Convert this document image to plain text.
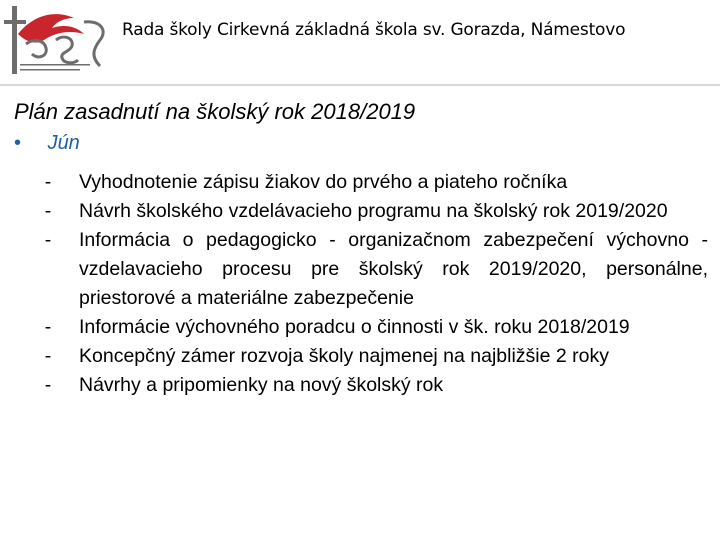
Rada školy Cirkevná základná škola sv. Gorazda, Námestovo
Plán zasadnutí na školský rok 2018/2019
• Jún
-	Vyhodnotenie zápisu žiakov do prvého a piateho ročníka
-	Návrh školského vzdelávacieho programu na školský rok 2019/2020
-	Informácia o pedagogicko - organizačnom zabezpečení výchovno - vzdelavacieho procesu pre školský rok 2019/2020, personálne, priestorové a materiálne zabezpečenie
-	Informácie výchovného poradcu o činnosti v šk. roku 2018/2019
-	Koncepčný zámer rozvoja školy najmenej na najbližšie 2 roky
-	Návrhy a pripomienky na nový školský rok
